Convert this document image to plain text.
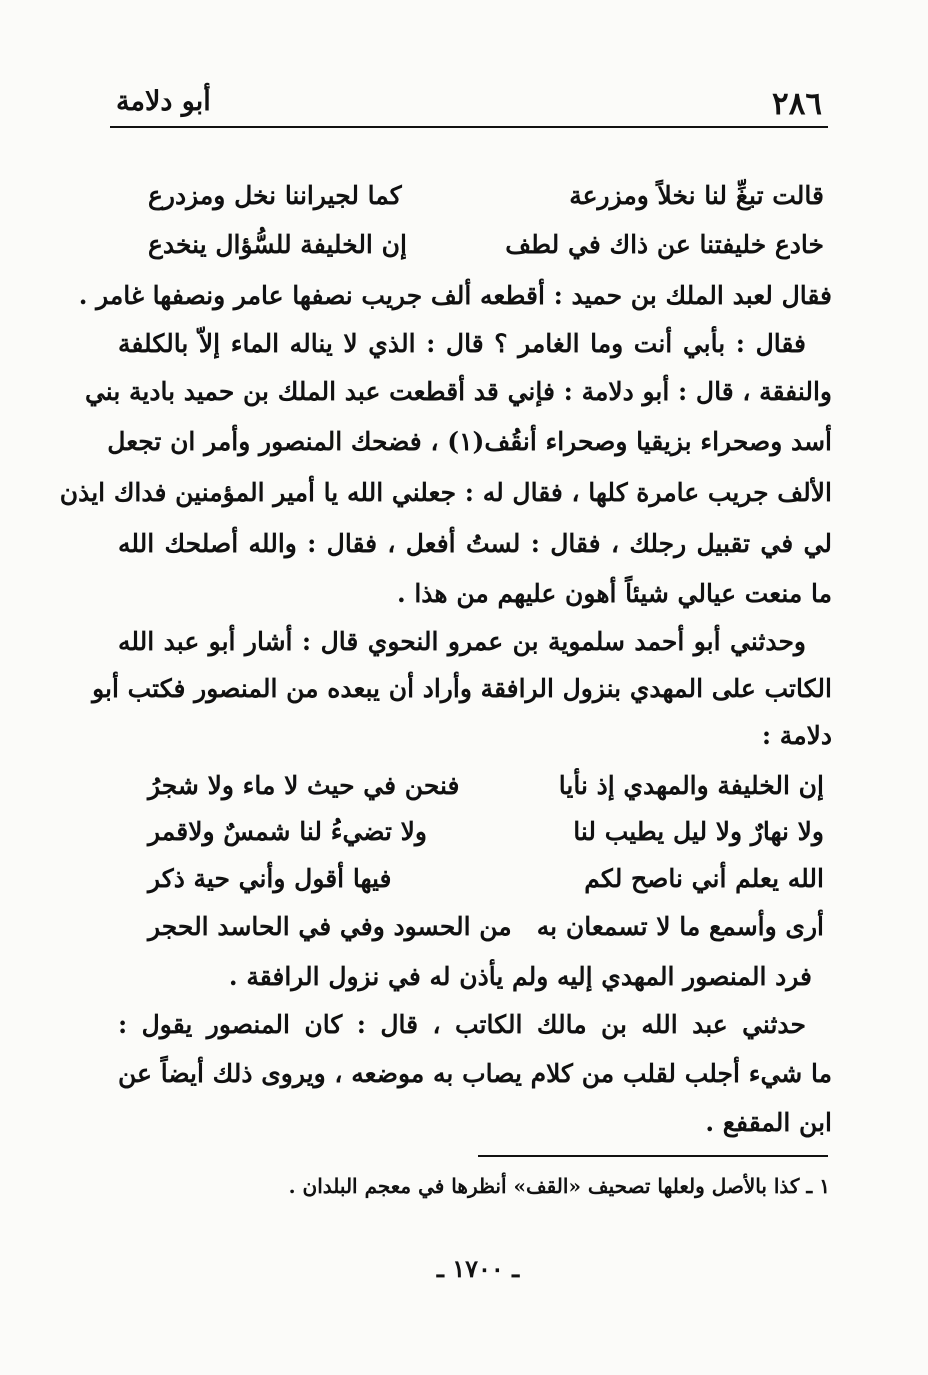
٢٨٦
أبو دلامة
قالت تبغِّ لنا نخلاً ومزرعة
كما لجيراننا نخل ومزدرع
خادع خليفتنا عن ذاك في لطف
إن الخليفة للسُّؤال ينخدع
فقال لعبد الملك بن حميد : أقطعه ألف جريب نصفها عامر ونصفها غامر .
فقال : بأبي أنت وما الغامر ؟ قال : الذي لا يناله الماء إلاّ بالكلفة
والنفقة ، قال : أبو دلامة : فإني قد أقطعت عبد الملك بن حميد بادية بني
أسد وصحراء بزيقيا وصحراء أنقُف(١) ، فضحك المنصور وأمر ان تجعل
الألف جريب عامرة كلها ، فقال له : جعلني الله يا أمير المؤمنين فداك ايذن
لي في تقبيل رجلك ، فقال : لستُ أفعل ، فقال : والله أصلحك الله
ما منعت عيالي شيئاً أهون عليهم من هذا .
وحدثني أبو أحمد سلموية بن عمرو النحوي قال : أشار أبو عبد الله
الكاتب على المهدي بنزول الرافقة وأراد أن يبعده من المنصور فكتب أبو
دلامة :
إن الخليفة والمهدي إذ نأيا
فنحن في حيث لا ماء ولا شجرُ
ولا نهارٌ ولا ليل يطيب لنا
ولا تضيءُ لنا شمسٌ ولاقمر
الله يعلم أني ناصح لكم
فيها أقول وأني حية ذكر
أرى وأسمع ما لا تسمعان به
من الحسود وفي في الحاسد الحجر
فرد المنصور المهدي إليه ولم يأذن له في نزول الرافقة .
حدثني عبد الله بن مالك الكاتب ، قال : كان المنصور يقول :
ما شيء أجلب لقلب من كلام يصاب به موضعه ، ويروى ذلك أيضاً عن
ابن المقفع .
١ ـ كذا بالأصل ولعلها تصحيف «القف» أنظرها في معجم البلدان .
ـ ١٧٠٠ ـ
